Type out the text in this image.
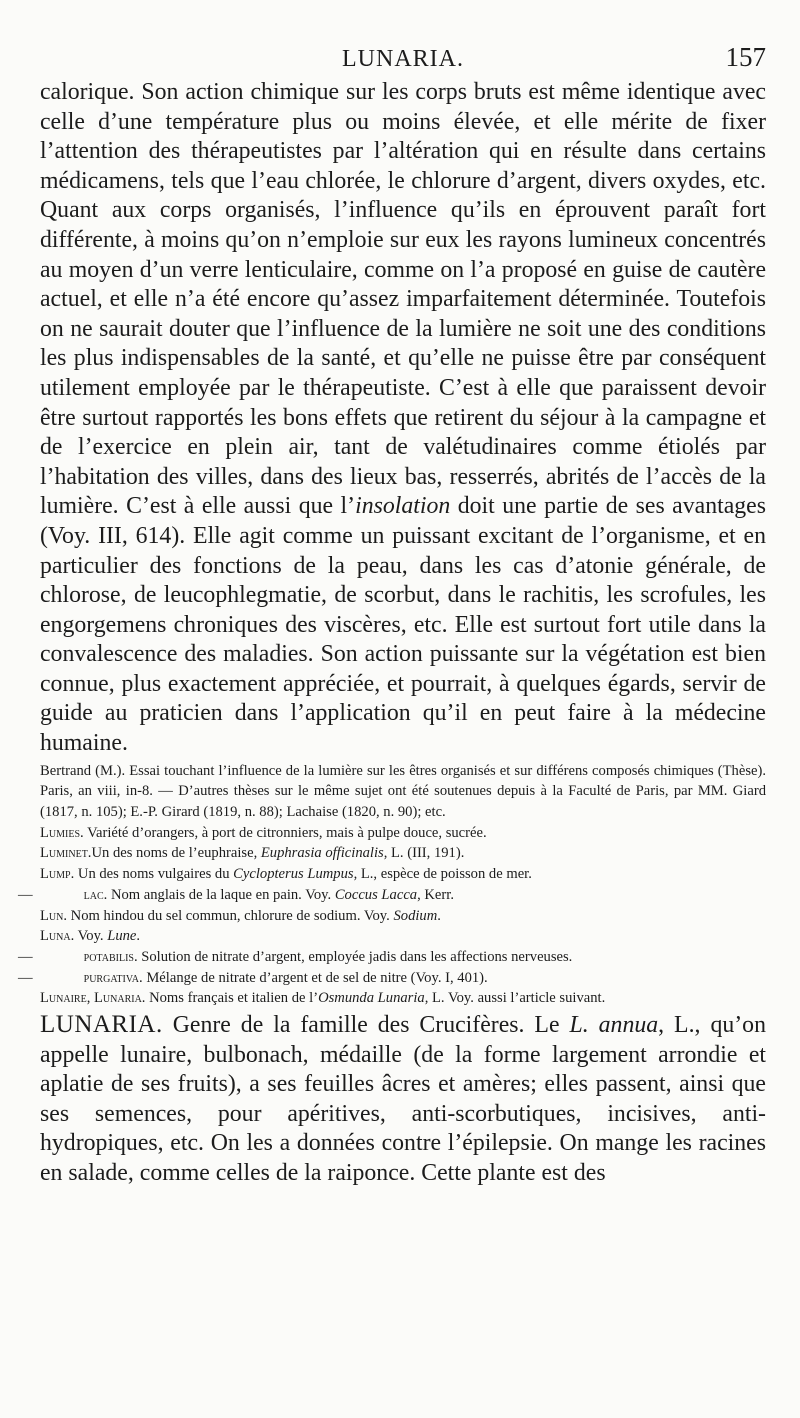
LUNARIA.	157

calorique. Son action chimique sur les corps bruts est même identique avec celle d’une température plus ou moins élevée, et elle mérite de fixer l’attention des thérapeutistes par l’altération qui en résulte dans certains médicamens, tels que l’eau chlorée, le chlorure d’argent, divers oxydes, etc. Quant aux corps organisés, l’influence qu’ils en éprouvent paraît fort différente, à moins qu’on n’emploie sur eux les rayons lumineux concentrés au moyen d’un verre lenticulaire, comme on l’a proposé en guise de cautère actuel, et elle n’a été encore qu’assez imparfaitement déterminée. Toutefois on ne saurait douter que l’influence de la lumière ne soit une des conditions les plus indispensables de la santé, et qu’elle ne puisse être par conséquent utilement employée par le thérapeutiste. C’est à elle que paraissent devoir être surtout rapportés les bons effets que retirent du séjour à la campagne et de l’exercice en plein air, tant de valétudinaires comme étiolés par l’habitation des villes, dans des lieux bas, resserrés, abrités de l’accès de la lumière. C’est à elle aussi que l’insolation doit une partie de ses avantages (Voy. III, 614). Elle agit comme un puissant excitant de l’organisme, et en particulier des fonctions de la peau, dans les cas d’atonie générale, de chlorose, de leucophlegmatie, de scorbut, dans le rachitis, les scrofules, les engorgemens chroniques des viscères, etc. Elle est surtout fort utile dans la convalescence des maladies. Son action puissante sur la végétation est bien connue, plus exactement appréciée, et pourrait, à quelques égards, servir de guide au praticien dans l’application qu’il en peut faire à la médecine humaine.

Bertrand (M.). Essai touchant l’influence de la lumière sur les êtres organisés et sur différens composés chimiques (Thèse). Paris, an viii, in-8. — D’autres thèses sur le même sujet ont été soutenues depuis à la Faculté de Paris, par MM. Giard (1817, n. 105); E.-P. Girard (1819, n. 88); Lachaise (1820, n. 90); etc.

Lumies. Variété d’orangers, à port de citronniers, mais à pulpe douce, sucrée.

Luminet.Un des noms de l’euphraise, Euphrasia officinalis, L. (III, 191).

Lump. Un des noms vulgaires du Cyclopterus Lumpus, L., espèce de poisson de mer.

—	lac. Nom anglais de la laque en pain. Voy. Coccus Lacca, Kerr.

Lun. Nom hindou du sel commun, chlorure de sodium. Voy. Sodium.

Luna. Voy. Lune.

—	potabilis. Solution de nitrate d’argent, employée jadis dans les affections nerveuses.

—	purgativa. Mélange de nitrate d’argent et de sel de nitre (Voy. I, 401).

Lunaire, Lunaria. Noms français et italien de l’Osmunda Lunaria, L. Voy. aussi l’article suivant.

LUNARIA. Genre de la famille des Crucifères. Le L. annua, L., qu’on appelle lunaire, bulbonach, médaille (de la forme largement arrondie et aplatie de ses fruits), a ses feuilles âcres et amères; elles passent, ainsi que ses semences, pour apéritives, anti-scorbutiques, incisives, anti-hydropiques, etc. On les a données contre l’épilepsie. On mange les racines en salade, comme celles de la raiponce. Cette plante est des
